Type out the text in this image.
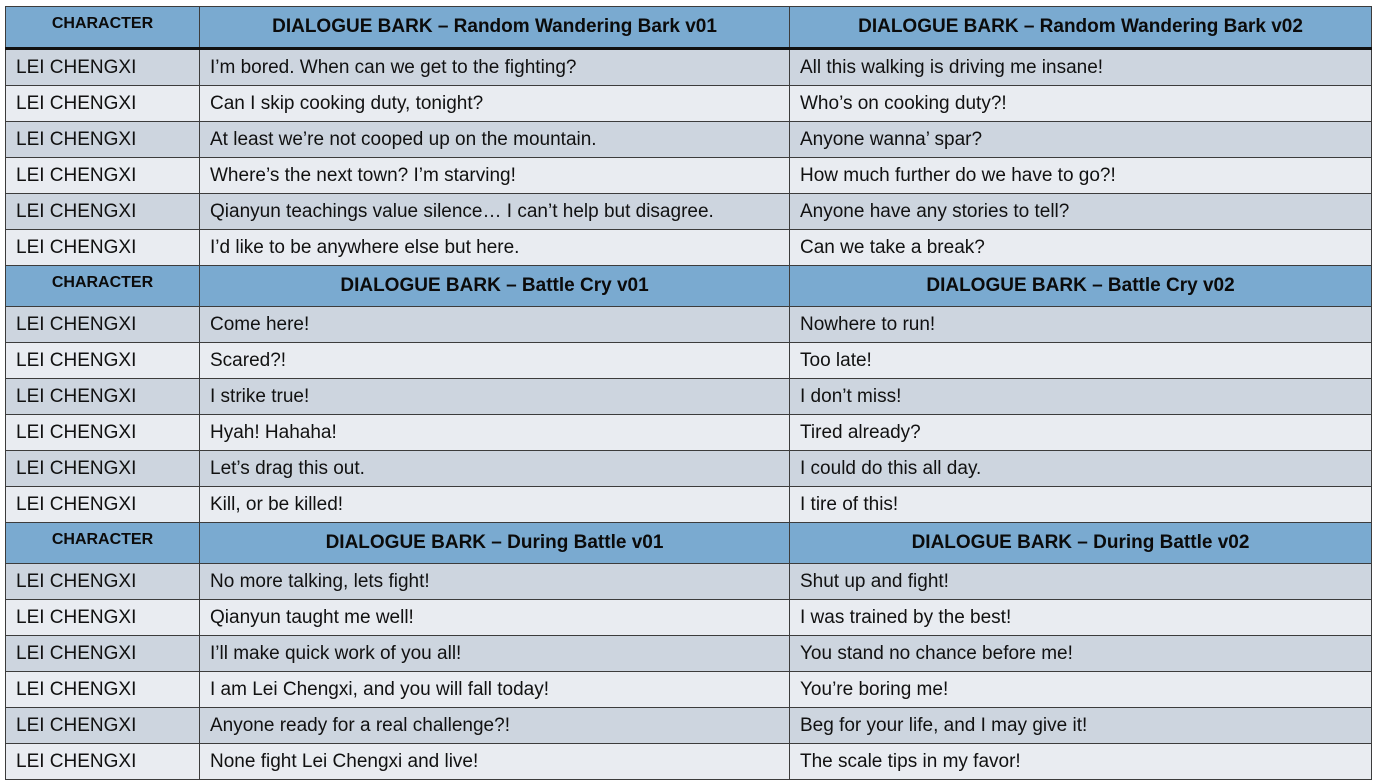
CHARACTER	DIALOGUE BARK – Random Wandering Bark v01	DIALOGUE BARK – Random Wandering Bark v02
LEI CHENGXI	I’m bored. When can we get to the fighting?	All this walking is driving me insane!
LEI CHENGXI	Can I skip cooking duty, tonight?	Who’s on cooking duty?!
LEI CHENGXI	At least we’re not cooped up on the mountain.	Anyone wanna’ spar?
LEI CHENGXI	Where’s the next town? I’m starving!	How much further do we have to go?!
LEI CHENGXI	Qianyun teachings value silence… I can’t help but disagree.	Anyone have any stories to tell?
LEI CHENGXI	I’d like to be anywhere else but here.	Can we take a break?
CHARACTER	DIALOGUE BARK – Battle Cry v01	DIALOGUE BARK – Battle Cry v02
LEI CHENGXI	Come here!	Nowhere to run!
LEI CHENGXI	Scared?!	Too late!
LEI CHENGXI	I strike true!	I don’t miss!
LEI CHENGXI	Hyah! Hahaha!	Tired already?
LEI CHENGXI	Let’s drag this out.	I could do this all day.
LEI CHENGXI	Kill, or be killed!	I tire of this!
CHARACTER	DIALOGUE BARK – During Battle v01	DIALOGUE BARK – During Battle v02
LEI CHENGXI	No more talking, lets fight!	Shut up and fight!
LEI CHENGXI	Qianyun taught me well!	I was trained by the best!
LEI CHENGXI	I’ll make quick work of you all!	You stand no chance before me!
LEI CHENGXI	I am Lei Chengxi, and you will fall today!	You’re boring me!
LEI CHENGXI	Anyone ready for a real challenge?!	Beg for your life, and I may give it!
LEI CHENGXI	None fight Lei Chengxi and live!	The scale tips in my favor!
